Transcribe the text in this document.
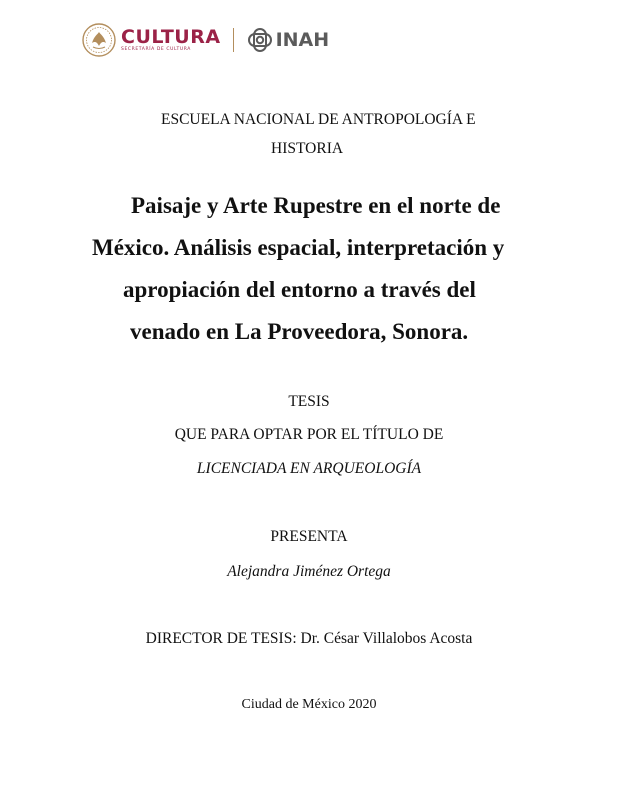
CULTURA
SECRETARÍA DE CULTURA	INAH
ESCUELA NACIONAL DE ANTROPOLOGÍA E
HISTORIA
Paisaje y Arte Rupestre en el norte de
México. Análisis espacial, interpretación y
apropiación del entorno a través del
venado en La Proveedora, Sonora.
TESIS
QUE PARA OPTAR POR EL TÍTULO DE
LICENCIADA EN ARQUEOLOGÍA
PRESENTA
Alejandra Jiménez Ortega
DIRECTOR DE TESIS: Dr. César Villalobos Acosta
Ciudad de México 2020
